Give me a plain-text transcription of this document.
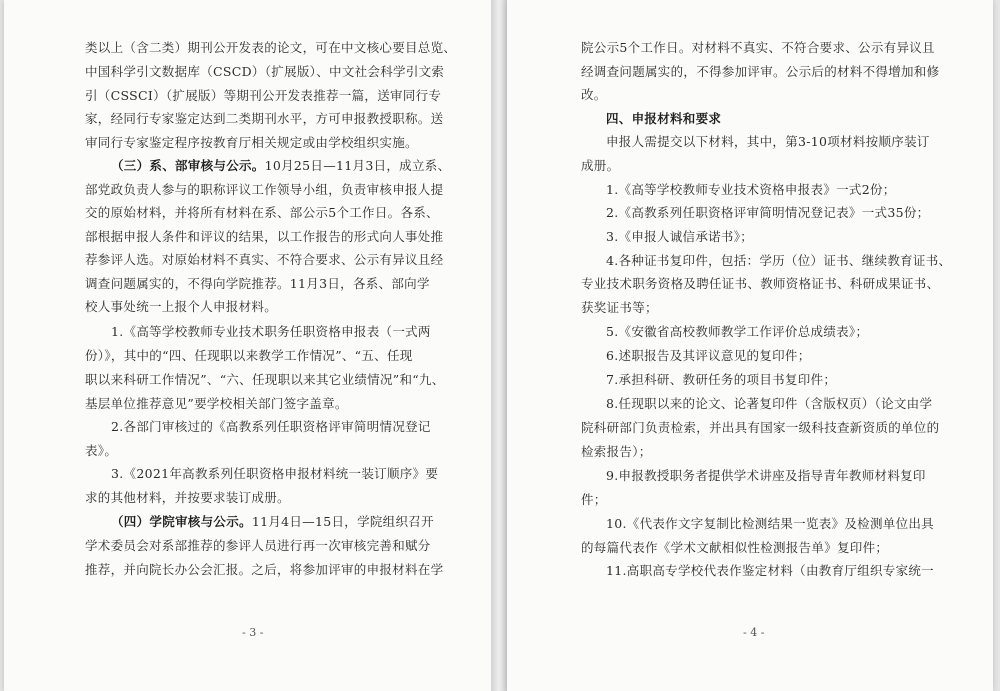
类以上（含二类）期刊公开发表的论文，可在中文核心要目总览、
中国科学引文数据库（CSCD）（扩展版）、中文社会科学引文索
引（CSSCI）（扩展版）等期刊公开发表推荐一篇，送审同行专
家，经同行专家鉴定达到二类期刊水平，方可申报教授职称。送
审同行专家鉴定程序按教育厅相关规定或由学校组织实施。
（三）系、部审核与公示。10月25日—11月3日，成立系、
部党政负责人参与的职称评议工作领导小组，负责审核申报人提
交的原始材料，并将所有材料在系、部公示5个工作日。各系、
部根据申报人条件和评议的结果，以工作报告的形式向人事处推
荐参评人选。对原始材料不真实、不符合要求、公示有异议且经
调查问题属实的，不得向学院推荐。11月3日，各系、部向学
校人事处统一上报个人申报材料。
1.《高等学校教师专业技术职务任职资格申报表（一式两
份）》，其中的“四、任现职以来教学工作情况”、“五、任现
职以来科研工作情况”、“六、任现职以来其它业绩情况”和“九、
基层单位推荐意见”要学校相关部门签字盖章。
2.各部门审核过的《高教系列任职资格评审简明情况登记
表》。
3.《2021年高教系列任职资格申报材料统一装订顺序》要
求的其他材料，并按要求装订成册。
（四）学院审核与公示。11月4日—15日，学院组织召开
学术委员会对系部推荐的参评人员进行再一次审核完善和赋分
推荐，并向院长办公会汇报。之后，将参加评审的申报材料在学
- 3 -
院公示5个工作日。对材料不真实、不符合要求、公示有异议且
经调查问题属实的，不得参加评审。公示后的材料不得增加和修
改。
四、申报材料和要求
申报人需提交以下材料，其中，第3-10项材料按顺序装订
成册。
1.《高等学校教师专业技术资格申报表》一式2份；
2.《高教系列任职资格评审简明情况登记表》一式35份；
3.《申报人诚信承诺书》；
4.各种证书复印件，包括：学历（位）证书、继续教育证书、
专业技术职务资格及聘任证书、教师资格证书、科研成果证书、
获奖证书等；
5.《安徽省高校教师教学工作评价总成绩表》；
6.述职报告及其评议意见的复印件；
7.承担科研、教研任务的项目书复印件；
8.任现职以来的论文、论著复印件（含版权页）（论文由学
院科研部门负责检索，并出具有国家一级科技查新资质的单位的
检索报告）；
9.申报教授职务者提供学术讲座及指导青年教师材料复印
件；
10.《代表作文字复制比检测结果一览表》及检测单位出具
的每篇代表作《学术文献相似性检测报告单》复印件；
11.高职高专学校代表作鉴定材料（由教育厅组织专家统一
- 4 -
